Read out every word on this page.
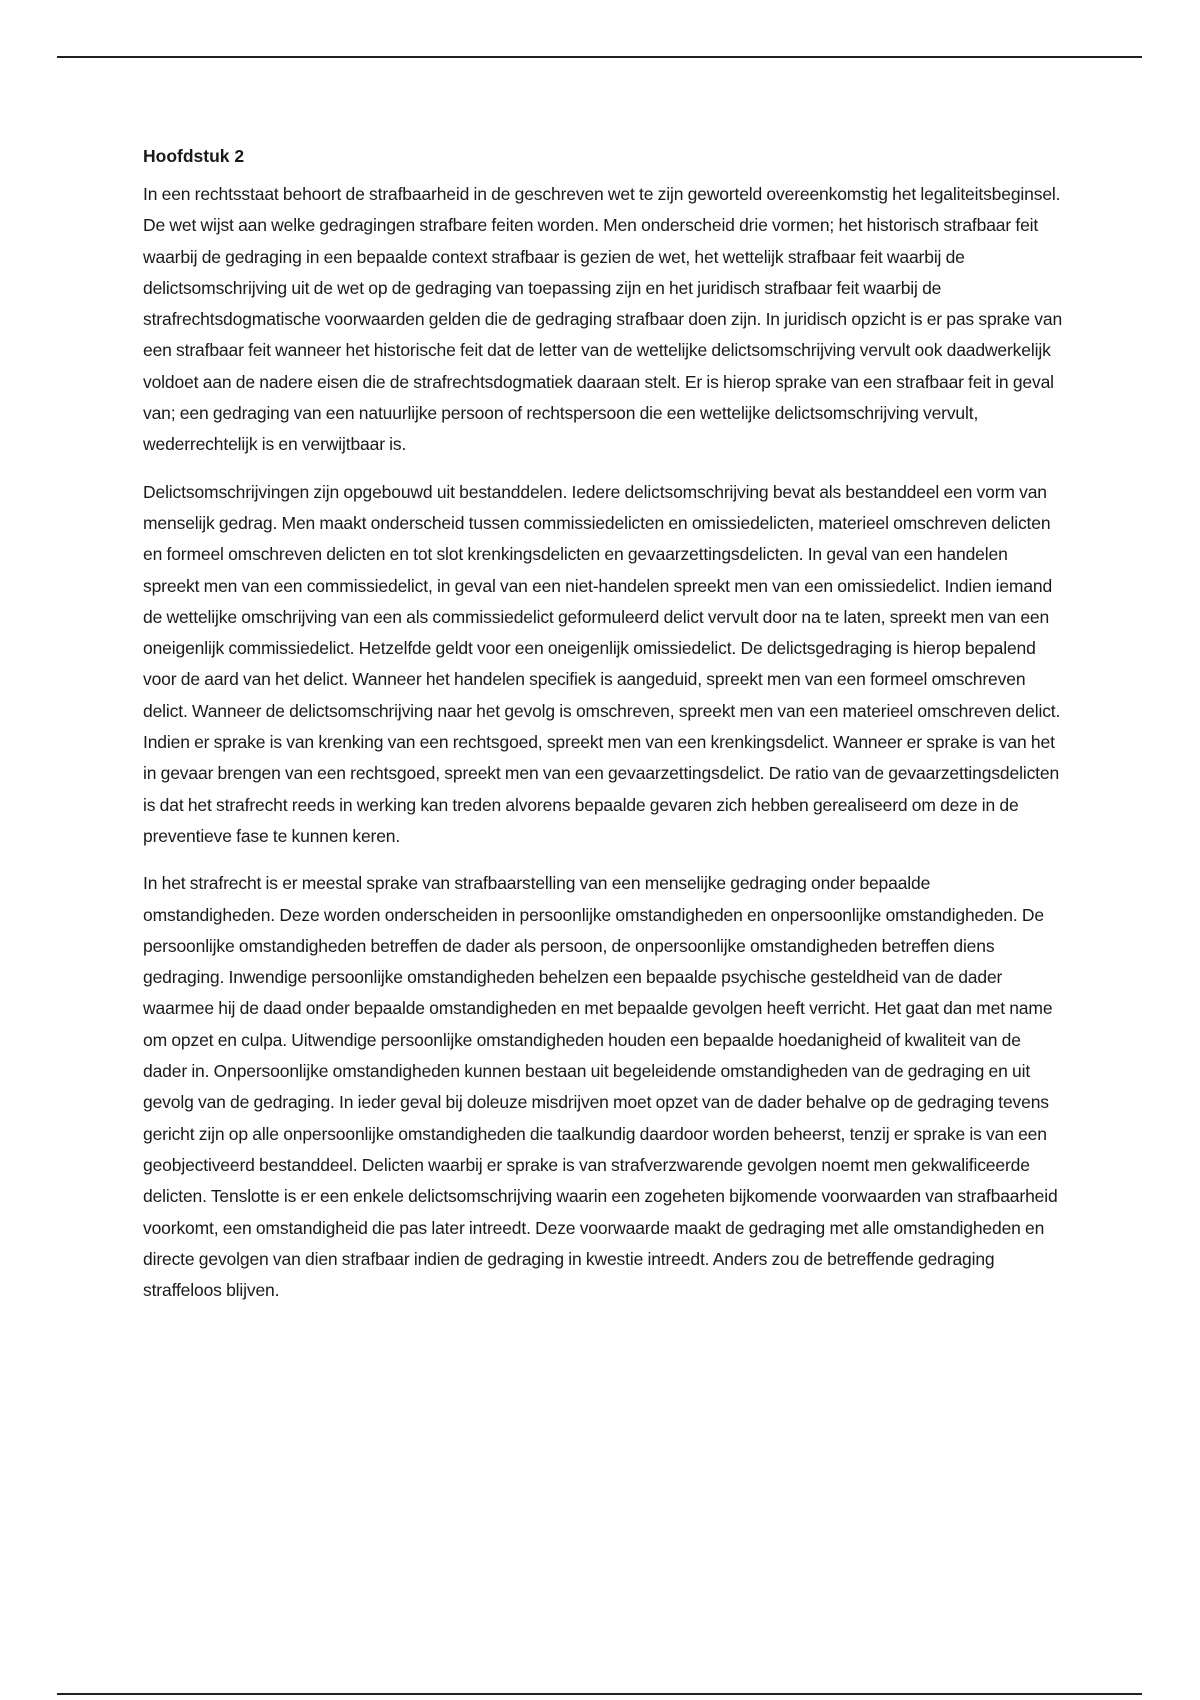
Hoofdstuk 2

In een rechtsstaat behoort de strafbaarheid in de geschreven wet te zijn geworteld overeenkomstig het legaliteitsbeginsel. De wet wijst aan welke gedragingen strafbare feiten worden. Men onderscheid drie vormen; het historisch strafbaar feit waarbij de gedraging in een bepaalde context strafbaar is gezien de wet, het wettelijk strafbaar feit waarbij de delictsomschrijving uit de wet op de gedraging van toepassing zijn en het juridisch strafbaar feit waarbij de strafrechtsdogmatische voorwaarden gelden die de gedraging strafbaar doen zijn. In juridisch opzicht is er pas sprake van een strafbaar feit wanneer het historische feit dat de letter van de wettelijke delictsomschrijving vervult ook daadwerkelijk voldoet aan de nadere eisen die de strafrechtsdogmatiek daaraan stelt. Er is hierop sprake van een strafbaar feit in geval van; een gedraging van een natuurlijke persoon of rechtspersoon die een wettelijke delictsomschrijving vervult, wederrechtelijk is en verwijtbaar is.

Delictsomschrijvingen zijn opgebouwd uit bestanddelen. Iedere delictsomschrijving bevat als bestanddeel een vorm van menselijk gedrag. Men maakt onderscheid tussen commissiedelicten en omissiedelicten, materieel omschreven delicten en formeel omschreven delicten en tot slot krenkingsdelicten en gevaarzettingsdelicten. In geval van een handelen spreekt men van een commissiedelict, in geval van een niet-handelen spreekt men van een omissiedelict. Indien iemand de wettelijke omschrijving van een als commissiedelict geformuleerd delict vervult door na te laten, spreekt men van een oneigenlijk commissiedelict. Hetzelfde geldt voor een oneigenlijk omissiedelict. De delictsgedraging is hierop bepalend voor de aard van het delict. Wanneer het handelen specifiek is aangeduid, spreekt men van een formeel omschreven delict. Wanneer de delictsomschrijving naar het gevolg is omschreven, spreekt men van een materieel omschreven delict. Indien er sprake is van krenking van een rechtsgoed, spreekt men van een krenkingsdelict. Wanneer er sprake is van het in gevaar brengen van een rechtsgoed, spreekt men van een gevaarzettingsdelict. De ratio van de gevaarzettingsdelicten is dat het strafrecht reeds in werking kan treden alvorens bepaalde gevaren zich hebben gerealiseerd om deze in de preventieve fase te kunnen keren.

In het strafrecht is er meestal sprake van strafbaarstelling van een menselijke gedraging onder bepaalde omstandigheden. Deze worden onderscheiden in persoonlijke omstandigheden en onpersoonlijke omstandigheden. De persoonlijke omstandigheden betreffen de dader als persoon, de onpersoonlijke omstandigheden betreffen diens gedraging. Inwendige persoonlijke omstandigheden behelzen een bepaalde psychische gesteldheid van de dader waarmee hij de daad onder bepaalde omstandigheden en met bepaalde gevolgen heeft verricht. Het gaat dan met name om opzet en culpa. Uitwendige persoonlijke omstandigheden houden een bepaalde hoedanigheid of kwaliteit van de dader in. Onpersoonlijke omstandigheden kunnen bestaan uit begeleidende omstandigheden van de gedraging en uit gevolg van de gedraging. In ieder geval bij doleuze misdrijven moet opzet van de dader behalve op de gedraging tevens gericht zijn op alle onpersoonlijke omstandigheden die taalkundig daardoor worden beheerst, tenzij er sprake is van een geobjectiveerd bestanddeel. Delicten waarbij er sprake is van strafverzwarende gevolgen noemt men gekwalificeerde delicten. Tenslotte is er een enkele delictsomschrijving waarin een zogeheten bijkomende voorwaarden van strafbaarheid voorkomt, een omstandigheid die pas later intreedt. Deze voorwaarde maakt de gedraging met alle omstandigheden en directe gevolgen van dien strafbaar indien de gedraging in kwestie intreedt. Anders zou de betreffende gedraging straffeloos blijven.
